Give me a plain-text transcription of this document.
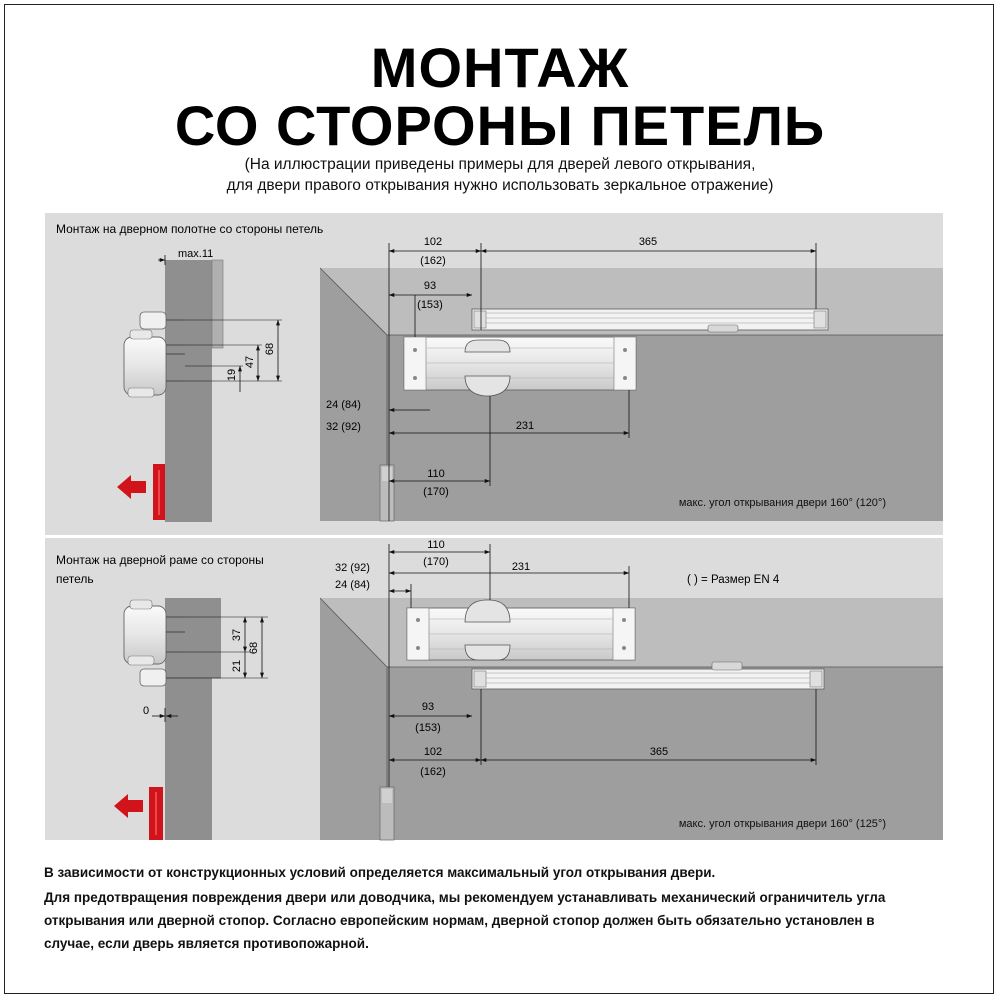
МОНТАЖ
СО СТОРОНЫ ПЕТЕЛЬ
(На иллюстрации приведены примеры для дверей левого открывания,
для двери правого открывания нужно использовать зеркальное отражение)
Монтаж на дверном полотне со стороны петель
max.11
68
47
19
102
(162)
365
93
(153)
24 (84)
32 (92)	231
110
(170)
макс. угол открывания двери 160° (120°)
Монтаж на дверной раме со стороны
петель
68
37
21
0
110
(170)
32 (92)
24 (84)
231
( ) = Размер EN 4
93
(153)
102
(162)
365
макс. угол открывания двери 160° (125°)
В зависимости от конструкционных условий определяется максимальный угол открывания двери.
Для предотвращения повреждения двери или доводчика, мы рекомендуем устанавливать механический ограничитель угла
открывания или дверной стопор. Согласно европейским нормам, дверной стопор должен быть обязательно установлен в
случае, если дверь является противопожарной.
